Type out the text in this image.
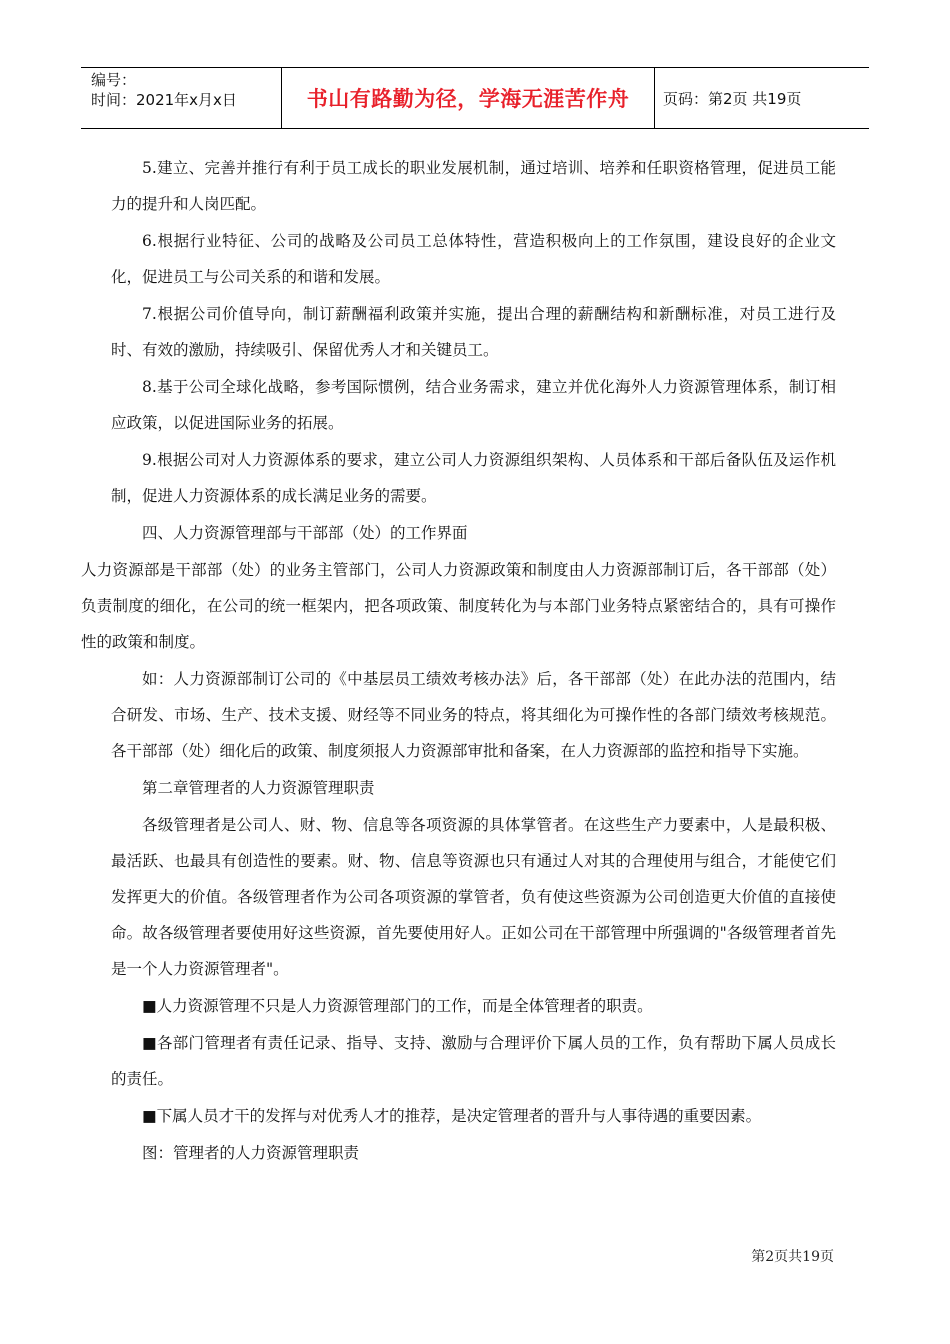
编号：
时间：2021年x月x日	书山有路勤为径，学海无涯苦作舟	页码：第2页 共19页

5.建立、完善并推行有利于员工成长的职业发展机制，通过培训、培养和任职资格管理，促进员工能力的提升和人岗匹配。

6.根据行业特征、公司的战略及公司员工总体特性，营造积极向上的工作氛围，建设良好的企业文化，促进员工与公司关系的和谐和发展。

7.根据公司价值导向，制订薪酬福利政策并实施，提出合理的薪酬结构和新酬标准，对员工进行及时、有效的激励，持续吸引、保留优秀人才和关键员工。

8.基于公司全球化战略，参考国际惯例，结合业务需求，建立并优化海外人力资源管理体系，制订相应政策，以促进国际业务的拓展。

9.根据公司对人力资源体系的要求，建立公司人力资源组织架构、人员体系和干部后备队伍及运作机制，促进人力资源体系的成长满足业务的需要。

四、人力资源管理部与干部部（处）的工作界面

人力资源部是干部部（处）的业务主管部门，公司人力资源政策和制度由人力资源部制订后，各干部部（处）负责制度的细化，在公司的统一框架内，把各项政策、制度转化为与本部门业务特点紧密结合的，具有可操作性的政策和制度。

如：人力资源部制订公司的《中基层员工绩效考核办法》后，各干部部（处）在此办法的范围内，结合研发、市场、生产、技术支援、财经等不同业务的特点，将其细化为可操作性的各部门绩效考核规范。各干部部（处）细化后的政策、制度须报人力资源部审批和备案，在人力资源部的监控和指导下实施。

第二章管理者的人力资源管理职责

各级管理者是公司人、财、物、信息等各项资源的具体掌管者。在这些生产力要素中，人是最积极、最活跃、也最具有创造性的要素。财、物、信息等资源也只有通过人对其的合理使用与组合，才能使它们发挥更大的价值。各级管理者作为公司各项资源的掌管者，负有使这些资源为公司创造更大价值的直接使命。故各级管理者要使用好这些资源，首先要使用好人。正如公司在干部管理中所强调的"各级管理者首先是一个人力资源管理者"。

■人力资源管理不只是人力资源管理部门的工作，而是全体管理者的职责。

■各部门管理者有责任记录、指导、支持、激励与合理评价下属人员的工作，负有帮助下属人员成长的责任。

■下属人员才干的发挥与对优秀人才的推荐，是决定管理者的晋升与人事待遇的重要因素。

图：管理者的人力资源管理职责

第2页共19页
